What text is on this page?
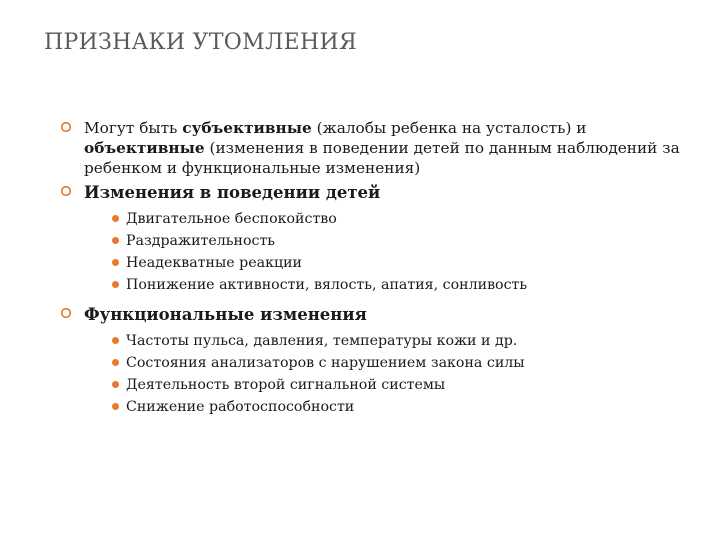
ПРИЗНАКИ УТОМЛЕНИЯ

Могут быть субъективные (жалобы ребенка на усталость) и объективные (изменения в поведении детей по данным наблюдений за ребенком и функциональные изменения)

Изменения в поведении детей

Двигательное беспокойство
Раздражительность
Неадекватные реакции
Понижение активности, вялость, апатия, сонливость

Функциональные изменения

Частоты пульса, давления, температуры кожи и др.
Состояния анализаторов с нарушением закона силы
Деятельность второй сигнальной системы
Снижение работоспособности
